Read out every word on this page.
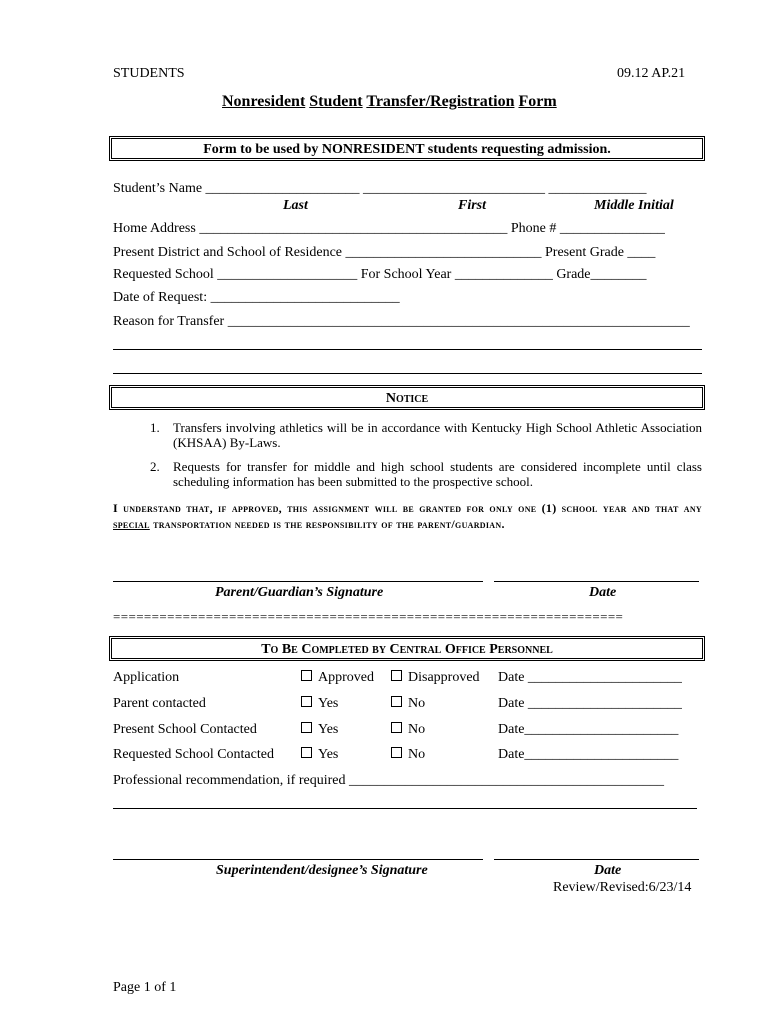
STUDENTS	09.12 AP.21
Nonresident Student Transfer/Registration Form
Form to be used by NONRESIDENT students requesting admission.
Student’s Name ______________________ __________________________ ______________
Last	First	Middle Initial
Home Address ____________________________________________ Phone # _______________
Present District and School of Residence ____________________________ Present Grade ____
Requested School ____________________ For School Year ______________ Grade________
Date of Request: ___________________________
Reason for Transfer __________________________________________________________________
Notice
1. Transfers involving athletics will be in accordance with Kentucky High School Athletic Association (KHSAA) By-Laws.
2. Requests for transfer for middle and high school students are considered incomplete until class scheduling information has been submitted to the prospective school.
I understand that, if approved, this assignment will be granted for only one (1) school year and that any special transportation needed is the responsibility of the parent/guardian.
Parent/Guardian’s Signature	Date
==================================================================
To Be Completed by Central Office Personnel
Application	Approved	Disapproved Date ______________________
Parent contacted	Yes	No	Date ______________________
Present School Contacted	Yes	No	Date______________________
Requested School Contacted	Yes	No	Date______________________
Professional recommendation, if required _____________________________________________
Superintendent/designee’s Signature	Date
Review/Revised:6/23/14
Page 1 of 1
